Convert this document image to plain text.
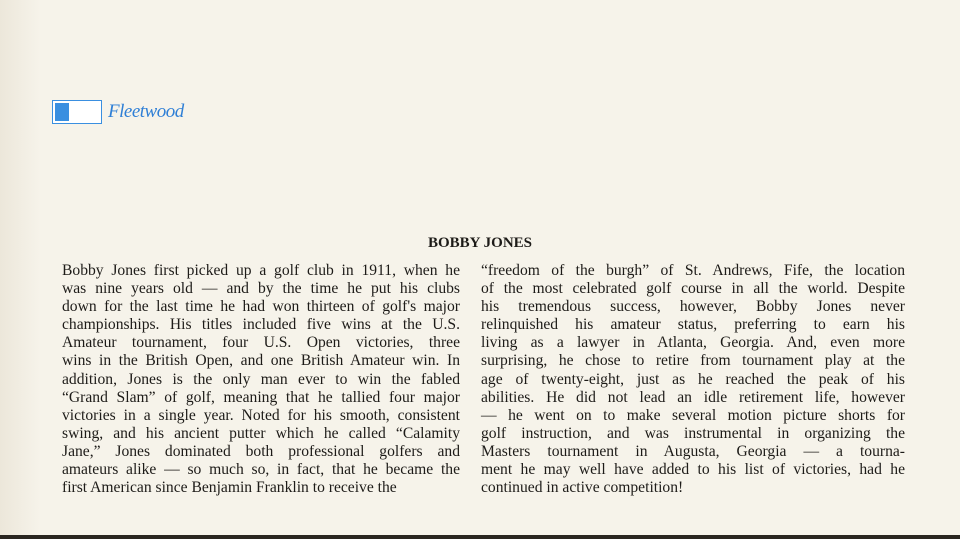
Fleetwood
BOBBY JONES
Bobby Jones first picked up a golf club in 1911, when he
was nine years old — and by the time he put his clubs
down for the last time he had won thirteen of golf's major
championships. His titles included five wins at the U.S.
Amateur tournament, four U.S. Open victories, three
wins in the British Open, and one British Amateur win. In
addition, Jones is the only man ever to win the fabled
“Grand Slam” of golf, meaning that he tallied four major
victories in a single year. Noted for his smooth, consistent
swing, and his ancient putter which he called “Calamity
Jane,” Jones dominated both professional golfers and
amateurs alike — so much so, in fact, that he became the
first American since Benjamin Franklin to receive the
“freedom of the burgh” of St. Andrews, Fife, the location
of the most celebrated golf course in all the world. Despite
his tremendous success, however, Bobby Jones never
relinquished his amateur status, preferring to earn his
living as a lawyer in Atlanta, Georgia. And, even more
surprising, he chose to retire from tournament play at the
age of twenty-eight, just as he reached the peak of his
abilities. He did not lead an idle retirement life, however
— he went on to make several motion picture shorts for
golf instruction, and was instrumental in organizing the
Masters tournament in Augusta, Georgia — a tourna-
ment he may well have added to his list of victories, had he
continued in active competition!
